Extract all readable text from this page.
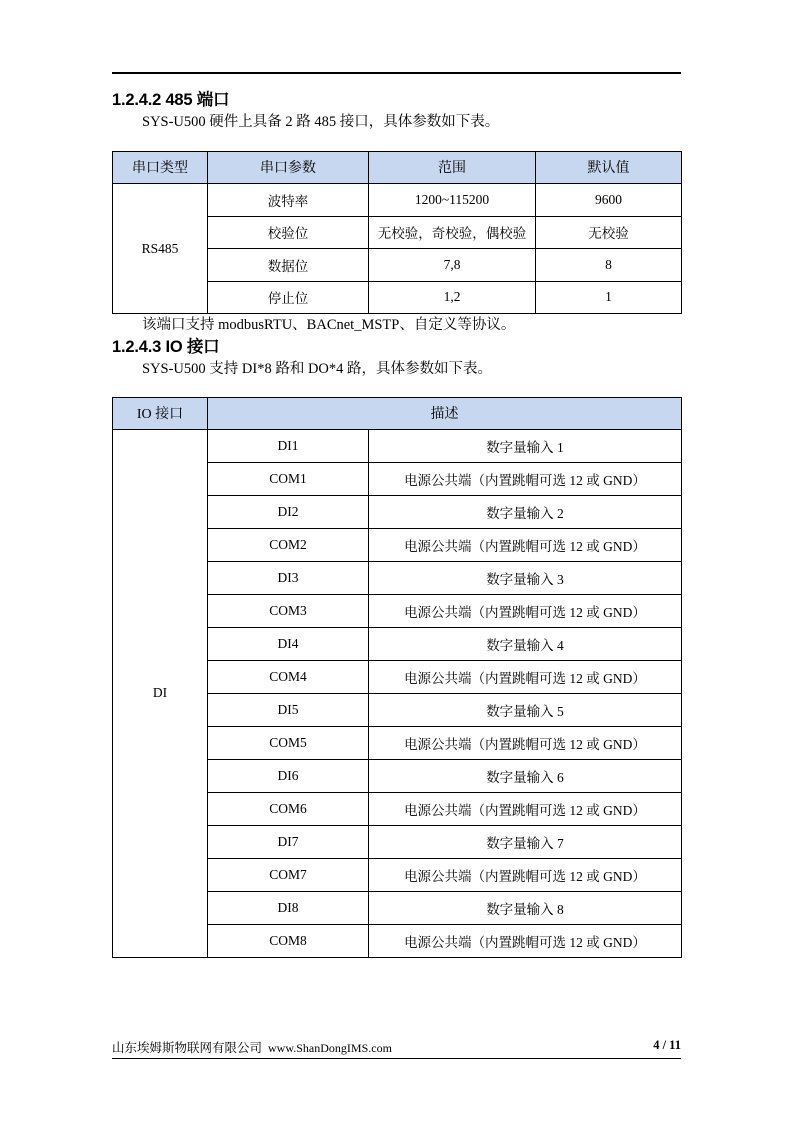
1.2.4.2 485 端口

SYS-U500 硬件上具备 2 路 485 接口，具体参数如下表。

串口类型	串口参数	范围	默认值
RS485	波特率	1200~115200	9600
	校验位	无校验，奇校验，偶校验	无校验
	数据位	7,8	8
	停止位	1,2	1

该端口支持 modbusRTU、BACnet_MSTP、自定义等协议。

1.2.4.3 IO 接口

SYS-U500 支持 DI*8 路和 DO*4 路，具体参数如下表。

IO 接口	描述	
DI	DI1	数字量输入 1
	COM1	电源公共端（内置跳帽可选 12 或 GND）
	DI2	数字量输入 2
	COM2	电源公共端（内置跳帽可选 12 或 GND）
	DI3	数字量输入 3
	COM3	电源公共端（内置跳帽可选 12 或 GND）
	DI4	数字量输入 4
	COM4	电源公共端（内置跳帽可选 12 或 GND）
	DI5	数字量输入 5
	COM5	电源公共端（内置跳帽可选 12 或 GND）
	DI6	数字量输入 6
	COM6	电源公共端（内置跳帽可选 12 或 GND）
	DI7	数字量输入 7
	COM7	电源公共端（内置跳帽可选 12 或 GND）
	DI8	数字量输入 8
	COM8	电源公共端（内置跳帽可选 12 或 GND）
山东埃姆斯物联网有限公司 www.ShanDongIMS.com	4 / 11
